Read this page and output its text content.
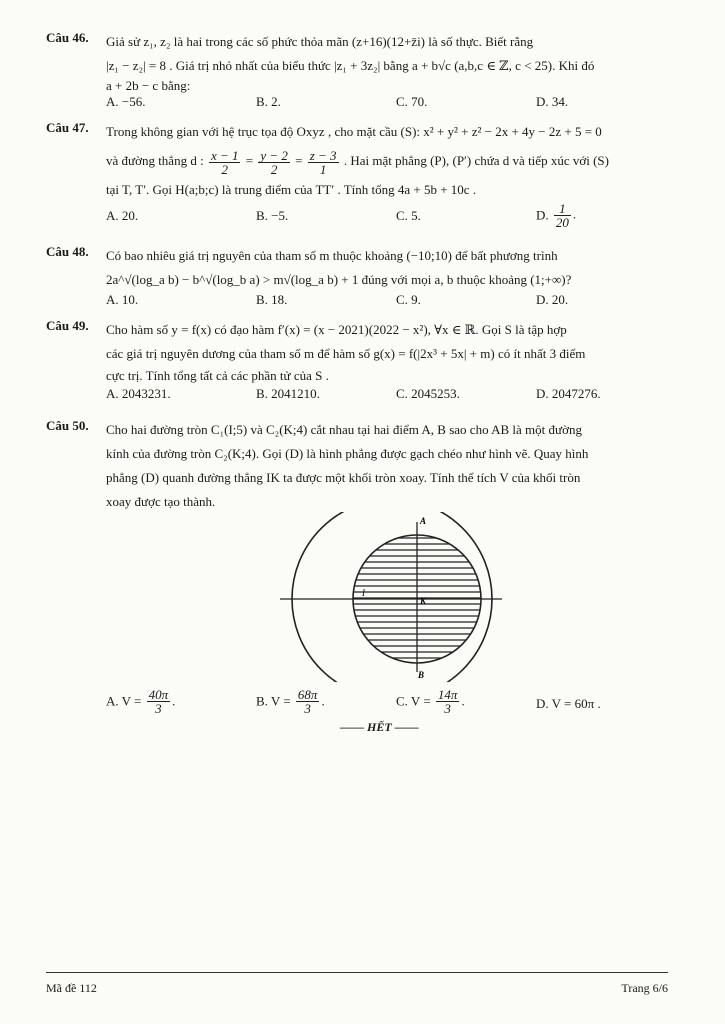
Câu 46. Giả sử z₁, z₂ là hai trong các số phức thỏa mãn (z+16)(12+z̄i) là số thực. Biết rằng
|z₁ − z₂| = 8 . Giá trị nhỏ nhất của biểu thức |z₁ + 3z₂| bằng a + b√c (a,b,c ∈ ℤ, c < 25). Khi đó
a + 2b − c bằng:
A. −56.	B. 2.	C. 70.	D. 34.
Câu 47. Trong không gian với hệ trục tọa độ Oxyz , cho mặt cầu (S): x² + y² + z² − 2x + 4y − 2z + 5 = 0
và đường thẳng d : $\frac{x - 1}{2} = \frac{y - 2}{2} = \frac{z - 3}{1}$ . Hai mặt phẳng (P), (P′) chứa d và tiếp xúc với (S)
tại T, T′. Gọi H(a;b;c) là trung điểm của TT′ . Tính tổng 4a + 5b + 10c .
A. 20.	B. −5.	C. 5.	D. $\frac{1}{20}$ .
Câu 48. Có bao nhiêu giá trị nguyên của tham số m thuộc khoảng (−10;10) để bất phương trình
2a^√(log_a b) − b^√(log_b a) > m√(log_a b) + 1 đúng với mọi a, b thuộc khoảng (1;+∞)?
A. 10.	B. 18.	C. 9.	D. 20.
Câu 49. Cho hàm số y = f(x) có đạo hàm f′(x) = (x − 2021)(2022 − x²), ∀x ∈ ℝ. Gọi S là tập hợp
các giá trị nguyên dương của tham số m để hàm số g(x) = f(|2x³ + 5x| + m) có ít nhất 3 điểm
cực trị. Tính tổng tất cả các phần tử của S .
A. 2043231.	B. 2041210.	C. 2045253.	D. 2047276.
Câu 50. Cho hai đường tròn C₁(I;5) và C₂(K;4) cắt nhau tại hai điểm A, B sao cho AB là một đường
kính của đường tròn C₂(K;4). Gọi (D) là hình phẳng được gạch chéo như hình vẽ. Quay hình
phẳng (D) quanh đường thẳng IK ta được một khối tròn xoay. Tính thể tích V của khối tròn
xoay được tạo thành.
A
B
I
K
A. $V = \frac{40\pi}{3}$ .	B. $V = \frac{68\pi}{3}$ .	C. $V = \frac{14\pi}{3}$ .	D. V = 60π .
—— HẾT ——
Mã đề 112	Trang 6/6
